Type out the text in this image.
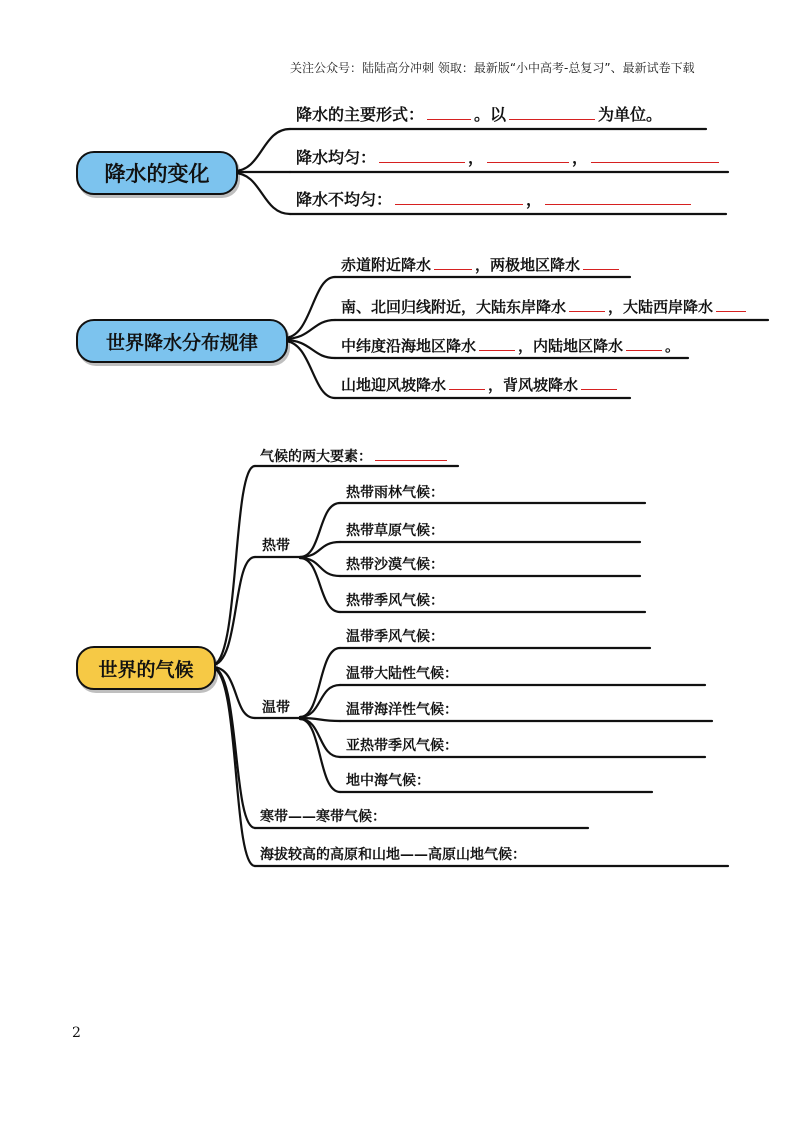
关注公众号：陆陆高分冲刺 领取：最新版“小中高考-总复习”、最新试卷下载
降水的变化
降水的主要形式：	。以	为单位。
降水均匀：	，	，
降水不均匀：	，
世界降水分布规律
赤道附近降水	，两极地区降水
南、北回归线附近，大陆东岸降水	，大陆西岸降水
中纬度沿海地区降水	，内陆地区降水	。
山地迎风坡降水	，背风坡降水
世界的气候
气候的两大要素：
热带
热带雨林气候：
热带草原气候：
热带沙漠气候：
热带季风气候：
温带
温带季风气候：
温带大陆性气候：
温带海洋性气候：
亚热带季风气候：
地中海气候：
寒带——寒带气候：
海拔较高的高原和山地——高原山地气候：
2
